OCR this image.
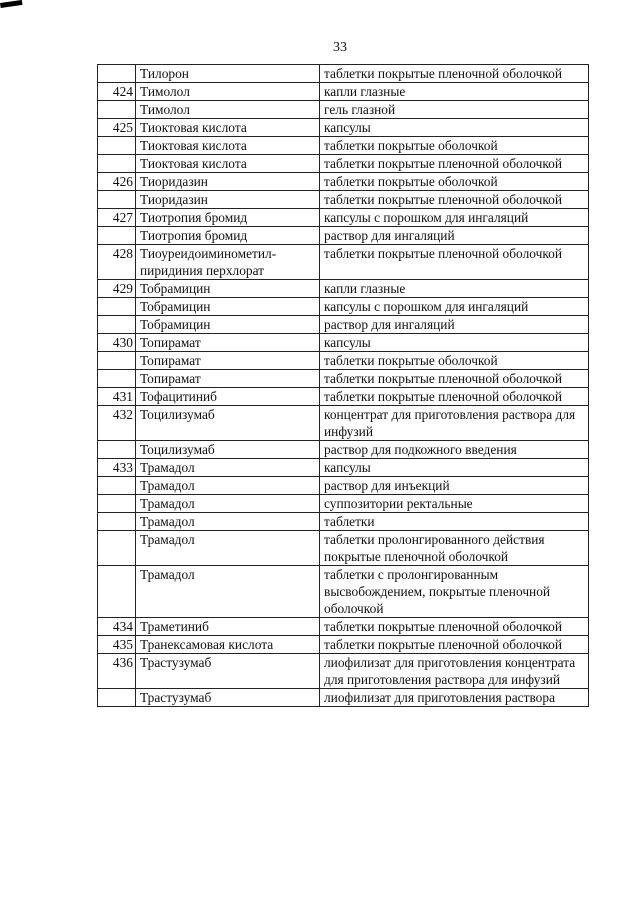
33
	Тилорон	таблетки покрытые пленочной оболочкой
424	Тимолол	капли глазные
	Тимолол	гель глазной
425	Тиоктовая кислота	капсулы
	Тиоктовая кислота	таблетки покрытые оболочкой
	Тиоктовая кислота	таблетки покрытые пленочной оболочкой
426	Тиоридазин	таблетки покрытые оболочкой
	Тиоридазин	таблетки покрытые пленочной оболочкой
427	Тиотропия бромид	капсулы с порошком для ингаляций
	Тиотропия бромид	раствор для ингаляций
428	Тиоуреидоиминометил-пиридиния перхлорат	таблетки покрытые пленочной оболочкой
429	Тобрамицин	капли глазные
	Тобрамицин	капсулы с порошком для ингаляций
	Тобрамицин	раствор для ингаляций
430	Топирамат	капсулы
	Топирамат	таблетки покрытые оболочкой
	Топирамат	таблетки покрытые пленочной оболочкой
431	Тофацитиниб	таблетки покрытые пленочной оболочкой
432	Тоцилизумаб	концентрат для приготовления раствора для инфузий
	Тоцилизумаб	раствор для подкожного введения
433	Трамадол	капсулы
	Трамадол	раствор для инъекций
	Трамадол	суппозитории ректальные
	Трамадол	таблетки
	Трамадол	таблетки пролонгированного действия покрытые пленочной оболочкой
	Трамадол	таблетки с пролонгированным высвобождением, покрытые пленочной оболочкой
434	Траметиниб	таблетки покрытые пленочной оболочкой
435	Транексамовая кислота	таблетки покрытые пленочной оболочкой
436	Трастузумаб	лиофилизат для приготовления концентрата для приготовления раствора для инфузий
	Трастузумаб	лиофилизат для приготовления раствора
